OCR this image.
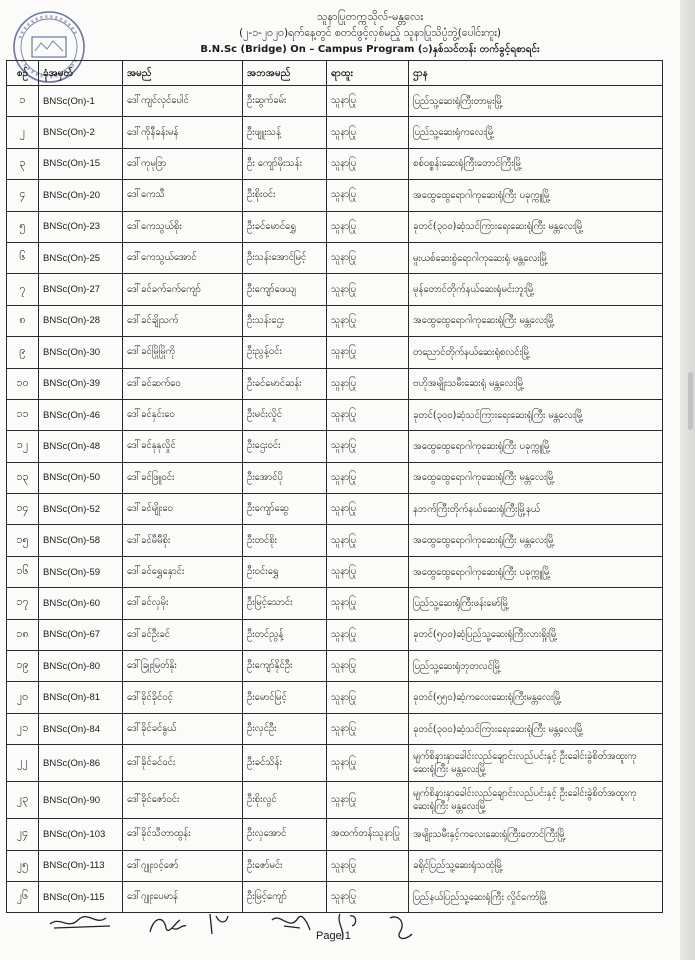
သူနာပြုတက္ကသိုလ်-မန္တလေး
(၂-၁-၂၀၂၀)ရက်နေ့တွင် စတင်ဖွင့်လှစ်မည့် သူနာပြုသိပ္ပံဘွဲ့(ပေါင်းကူး)
B.N.Sc (Bridge) On – Campus Program (၁)နှစ်သင်တန်း တက်ခွင့်ရစာရင်း
စဉ်	ခုံအမှတ်	အမည်	အဘအမည်	ရာထူး	ဌာန
၁	BNSc(On)-1	ဒေါ်ကျင်လှင်ပေါင်	ဦးဆွက်ခမ်း	သူနာပြု	ပြည်သူ့ဆေးရုံကြီးတာမူးမြို့
၂	BNSc(On)-2	ဒေါ်ကိုနီခန်းမန်	ဦးဖျူးသန့်	သူနာပြု	ပြည်သူ့ဆေးရုံကလေးမြို့
၃	BNSc(On)-15	ဒေါ်ကုမုဒြာ	ဦး ကျော်မိုးသန်း	သူနာပြု	စစ်ဝစ္စန်းဆေးရုံကြီးတောင်ကြီးမြို့
၄	BNSc(On)-20	ဒေါ်ကေသီ	ဦးစိုးဝင်း	သူနာပြု	အထွေထွေရောဂါကုဆေးရုံကြီး ပခုက္ကူမြို့
၅	BNSc(On)-23	ဒေါ်ကေသွယ်စိုး	ဦးခင်မောင်ရွှေ	သူနာပြု	ခုတင်(၃၀၀)ဆံ့သင်ကြားရေးဆေးရုံကြီး မန္တလေးမြို့
၆	BNSc(On)-25	ဒေါ်ကေသွယ်အောင်	ဦးသန်းအောင်မြင့်	သူနာပြု	မူးယစ်ဆေးစွဲရောဂါကုဆေးရုံ မန္တလေးမြို့
၇	BNSc(On)-27	ဒေါ်ခင်ခက်ခက်ကျော်	ဦးကျော်ဖေယျ	သူနာပြု	မုန်တောင်တိုက်နယ်ဆေးရုံမင်းဘူးမြို့
၈	BNSc(On)-28	ဒေါ်ခင်ချိုသက်	ဦးသန်းဌေး	သူနာပြု	အထွေထွေရောဂါကုဆေးရုံကြီး မန္တလေးမြို့
၉	BNSc(On)-30	ဒေါ်ခင်မြိုမြိုကို	ဦးညွန့်ဝင်း	သူနာပြု	တညောင်တိုက်နယ်ဆေးရုံစလင်းမြို့
၁၀	BNSc(On)-39	ဒေါ်ခင်ဆက်ဝေ	ဦးခင်မောင်ဆန်း	သူနာပြု	ဗဟိုအမျိုးသမီးဆေးရုံ မန္တလေးမြို့
၁၁	BNSc(On)-46	ဒေါ်ခင်နှင်းဝေ	ဦးမင်းလှိုင်	သူနာပြု	ခုတင်(၃၀၀)ဆံ့သင်ကြားရေးဆေးရုံကြီး မန္တလေးမြို့
၁၂	BNSc(On)-48	ဒေါ်ခင်နုနုလှိုင်	ဦးဌေးဝင်း	သူနာပြု	အထွေထွေရောဂါကုဆေးရုံကြီး ပခုက္ကူမြို့
၁၃	BNSc(On)-50	ဒေါ်ခင်ဖြူဝင်း	ဦးအောင်ပို	သူနာပြု	အထွေထွေရောဂါကုဆေးရုံကြီး မန္တလေးမြို့
၁၄	BNSc(On)-52	ဒေါ်ခင်မျိုးဝေ	ဦးကျော်ဆွေ	သူနာပြု	နဘက်ကြီးတိုက်နယ်ဆေးရုံကြီးမြို့နယ်
၁၅	BNSc(On)-58	ဒေါ်ခင်မီမီစိုး	ဦးတင်စိုး	သူနာပြု	အထွေထွေရောဂါကုဆေးရုံကြီး မန္တလေးမြို့
၁၆	BNSc(On)-59	ဒေါ်ခင်ရွှေနှောင်း	ဦးဝင်းရွှေ	သူနာပြု	အထွေထွေရောဂါကုဆေးရုံကြီး ပခုက္ကူမြို့
၁၇	BNSc(On)-60	ဒေါ်ခင်လှမိုး	ဦးမြင့်သောင်း	သူနာပြု	ပြည်သူ့ဆေးရုံကြီးဖန်းမော်မြို့
၁၈	BNSc(On)-67	ဒေါ်ခင်ဦးခင်	ဦးတင်ညွန့်	သူနာပြု	ခုတင်(၅၀၀)ဆံ့ပြည်သူ့ဆေးရုံကြီးလားရှိုးမြို့
၁၉	BNSc(On)-80	ဒေါ်ခြူးမြတ်နိုး	ဦးကျော်နိုင်ဦး	သူနာပြု	ပြည်သူ့ဆေးရုံဘုတလင်မြို့
၂၀	BNSc(On)-81	ဒေါ်ခိုင်ခိုင်ဝင့်	ဦးမောင်မြင့်	သူနာပြု	ခုတင်(၅၅၀)ဆံ့ကလေးဆေးရုံကြီးမန္တလေးမြို့
၂၁	BNSc(On)-84	ဒေါ်ခိုင်ခင်နွယ်	ဦးလှင်ဦး	သူနာပြု	ခုတင်(၃၀၀)ဆံ့သင်ကြားရေးဆေးရုံကြီး မန္တလေးမြို့
၂၂	BNSc(On)-86	ဒေါ်ခိုင်ခင်ဝင်း	ဦးခင်သိန်း	သူနာပြု	မျက်စိနားနှာခေါင်းလည်ချောင်းလည်ပင်းနှင့် ဦးခေါင်းခွဲစိတ်အထူးကုဆေးရုံကြီး မန္တလေးမြို့
၂၃	BNSc(On)-90	ဒေါ်ခိုင်ဇော်ဝင်း	ဦးစိုးလွင်	သူနာပြု	မျက်စိနားနှာခေါင်းလည်ချောင်းလည်ပင်းနှင့် ဦးခေါင်းခွဲစိတ်အထူးကုဆေးရုံကြီး မန္တလေးမြို့
၂၄	BNSc(On)-103	ဒေါ်ခိုင်သီတာထွန်း	ဦးလှအောင်	အထက်တန်းသူနာပြု	အမျိုးသမီးနှင့်ကလေးဆေးရုံကြီးတောင်ကြီးမြို့
၂၅	BNSc(On)-113	ဒေါ်ဂျူးဝင့်ဇော်	ဦးဇော်မင်း	သူနာပြု	ခရိုင်ပြည်သူ့ဆေးရုံသထုံမြို့
၂၆	BNSc(On)-115	ဒေါ်ဂျူးပေမာန်	ဦးမြင့်ကျော်	သူနာပြု	ပြည်နယ်ပြည်သူ့ဆေးရုံကြီး လှိုင်ကော်မြို့
Page 1
